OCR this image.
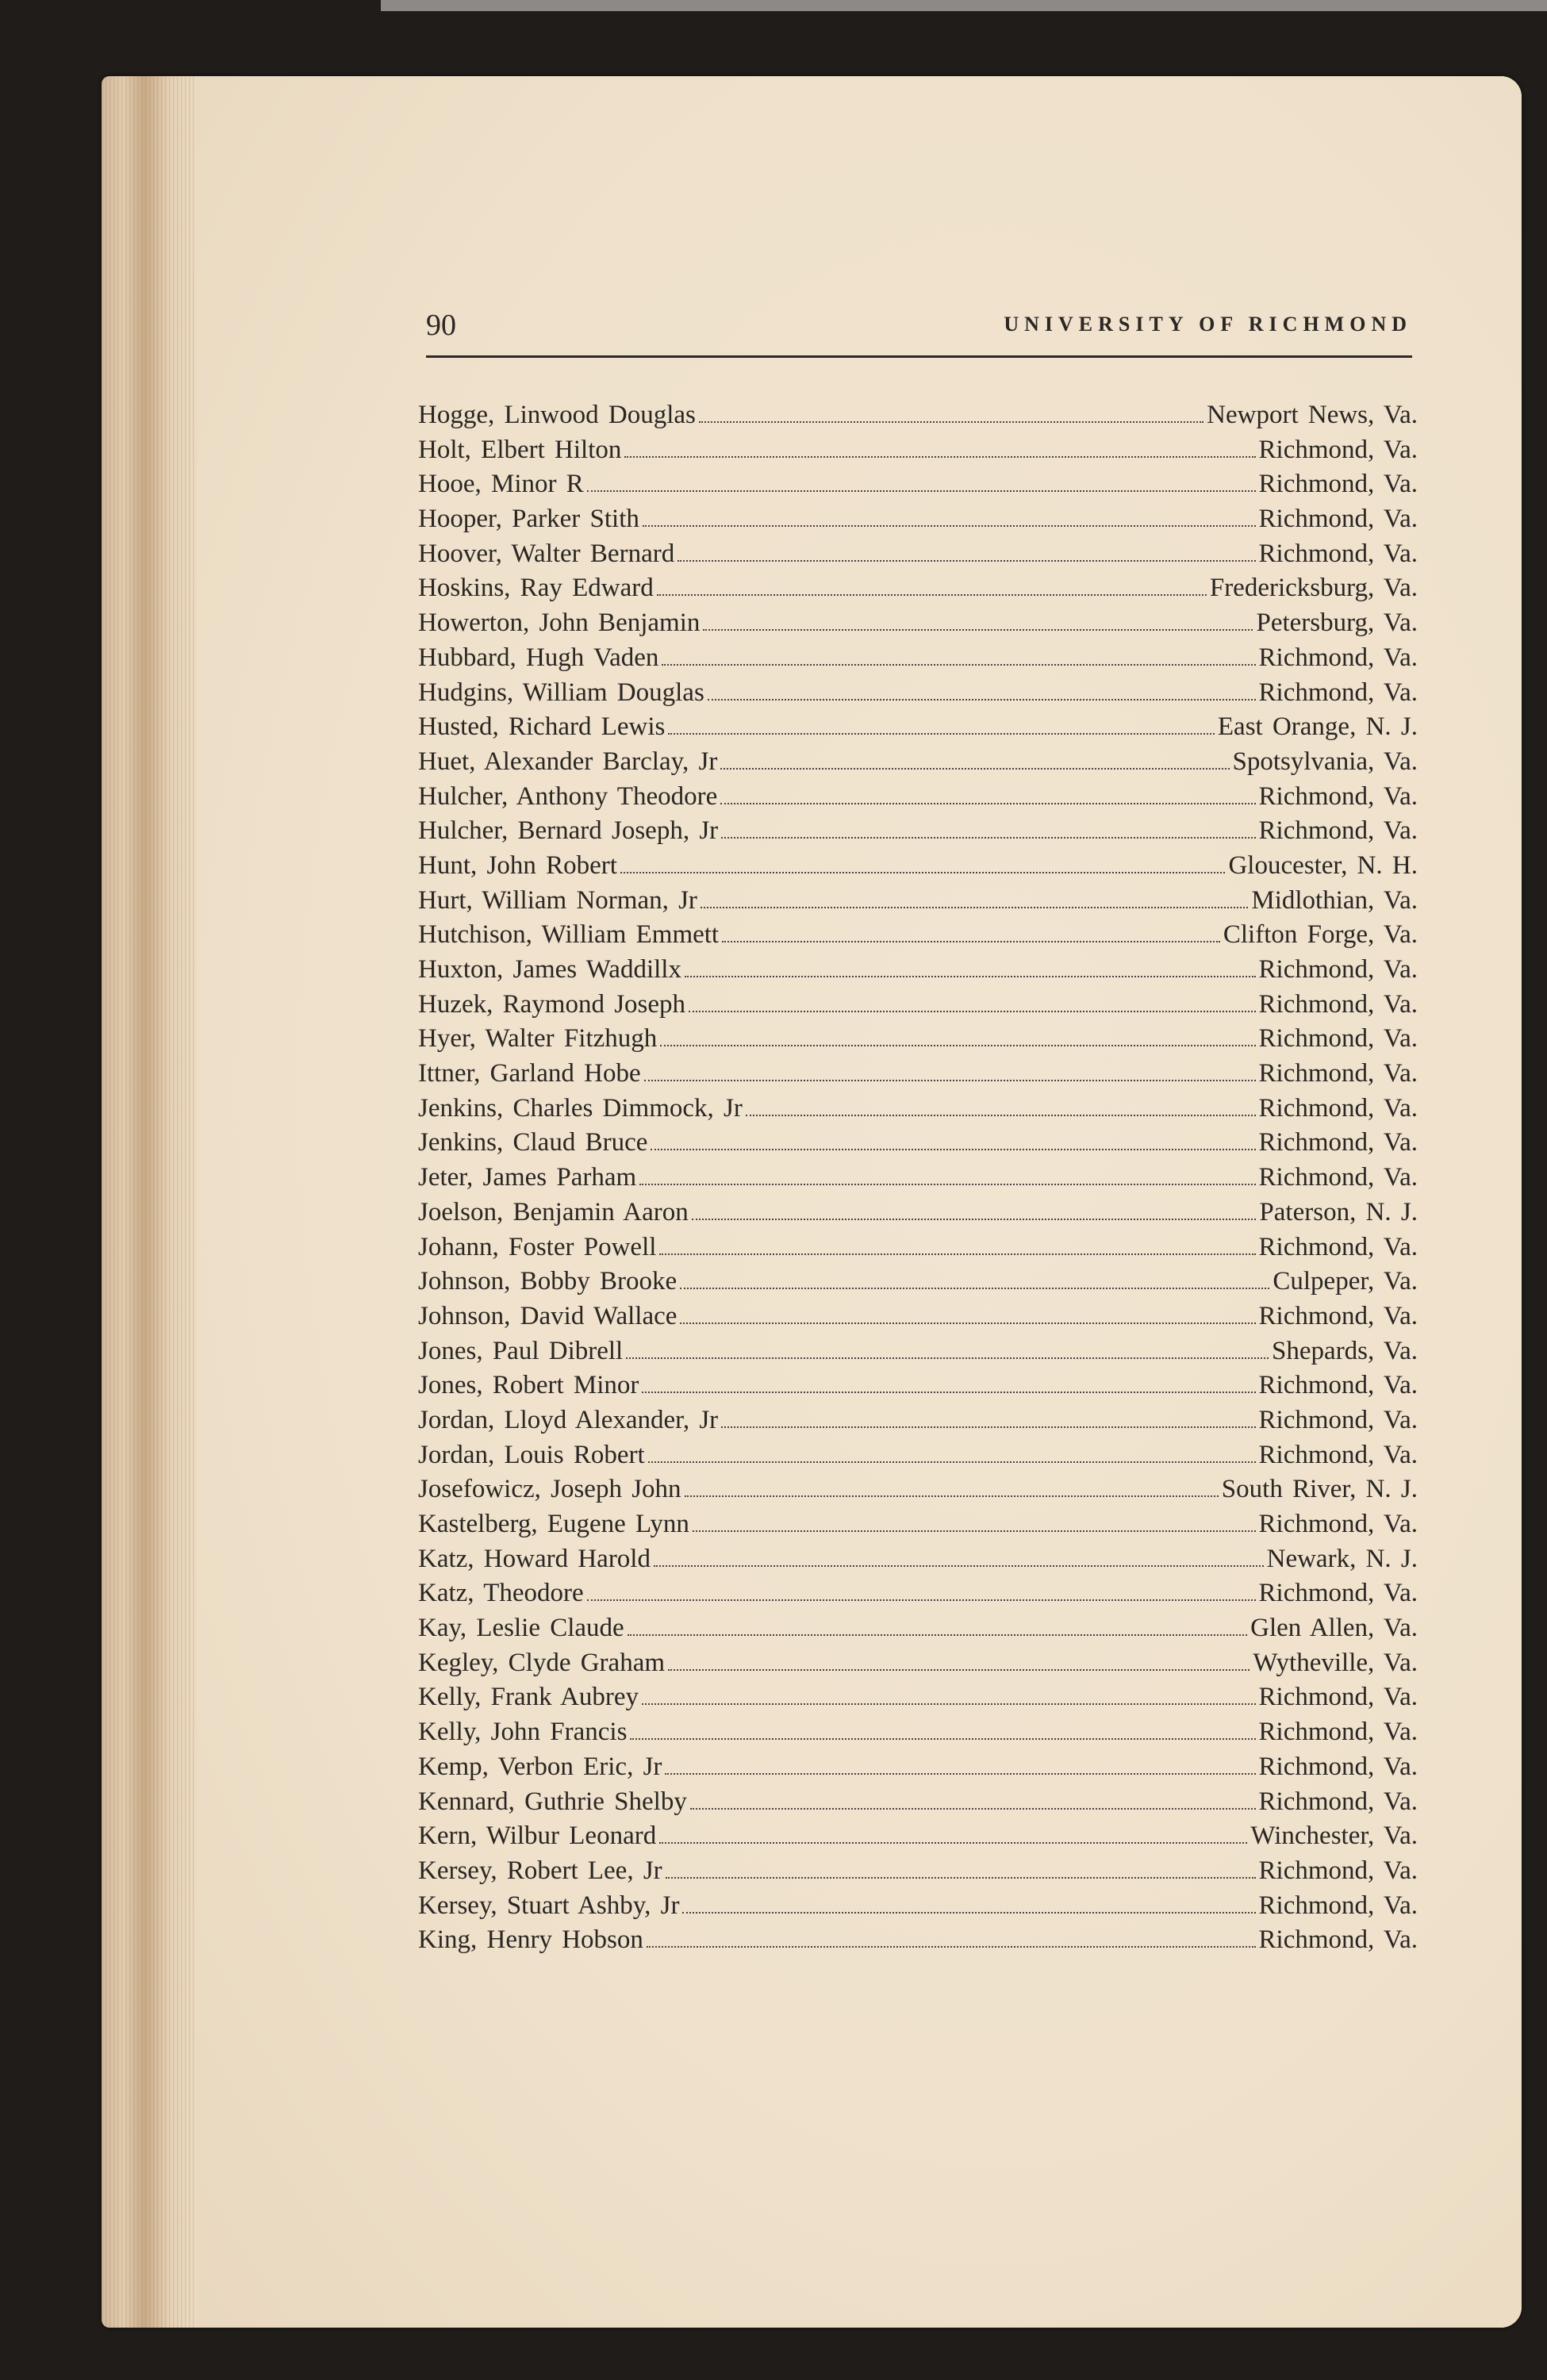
90	UNIVERSITY OF RICHMOND
Hogge, Linwood Douglas	Newport News, Va.
Holt, Elbert Hilton	Richmond, Va.
Hooe, Minor R	Richmond, Va.
Hooper, Parker Stith	Richmond, Va.
Hoover, Walter Bernard	Richmond, Va.
Hoskins, Ray Edward	Fredericksburg, Va.
Howerton, John Benjamin	Petersburg, Va.
Hubbard, Hugh Vaden	Richmond, Va.
Hudgins, William Douglas	Richmond, Va.
Husted, Richard Lewis	East Orange, N. J.
Huet, Alexander Barclay, Jr	Spotsylvania, Va.
Hulcher, Anthony Theodore	Richmond, Va.
Hulcher, Bernard Joseph, Jr	Richmond, Va.
Hunt, John Robert	Gloucester, N. H.
Hurt, William Norman, Jr	Midlothian, Va.
Hutchison, William Emmett	Clifton Forge, Va.
Huxton, James Waddillx	Richmond, Va.
Huzek, Raymond Joseph	Richmond, Va.
Hyer, Walter Fitzhugh	Richmond, Va.
Ittner, Garland Hobe	Richmond, Va.
Jenkins, Charles Dimmock, Jr	Richmond, Va.
Jenkins, Claud Bruce	Richmond, Va.
Jeter, James Parham	Richmond, Va.
Joelson, Benjamin Aaron	Paterson, N. J.
Johann, Foster Powell	Richmond, Va.
Johnson, Bobby Brooke	Culpeper, Va.
Johnson, David Wallace	Richmond, Va.
Jones, Paul Dibrell	Shepards, Va.
Jones, Robert Minor	Richmond, Va.
Jordan, Lloyd Alexander, Jr	Richmond, Va.
Jordan, Louis Robert	Richmond, Va.
Josefowicz, Joseph John	South River, N. J.
Kastelberg, Eugene Lynn	Richmond, Va.
Katz, Howard Harold	Newark, N. J.
Katz, Theodore	Richmond, Va.
Kay, Leslie Claude	Glen Allen, Va.
Kegley, Clyde Graham	Wytheville, Va.
Kelly, Frank Aubrey	Richmond, Va.
Kelly, John Francis	Richmond, Va.
Kemp, Verbon Eric, Jr	Richmond, Va.
Kennard, Guthrie Shelby	Richmond, Va.
Kern, Wilbur Leonard	Winchester, Va.
Kersey, Robert Lee, Jr	Richmond, Va.
Kersey, Stuart Ashby, Jr	Richmond, Va.
King, Henry Hobson	Richmond, Va.
